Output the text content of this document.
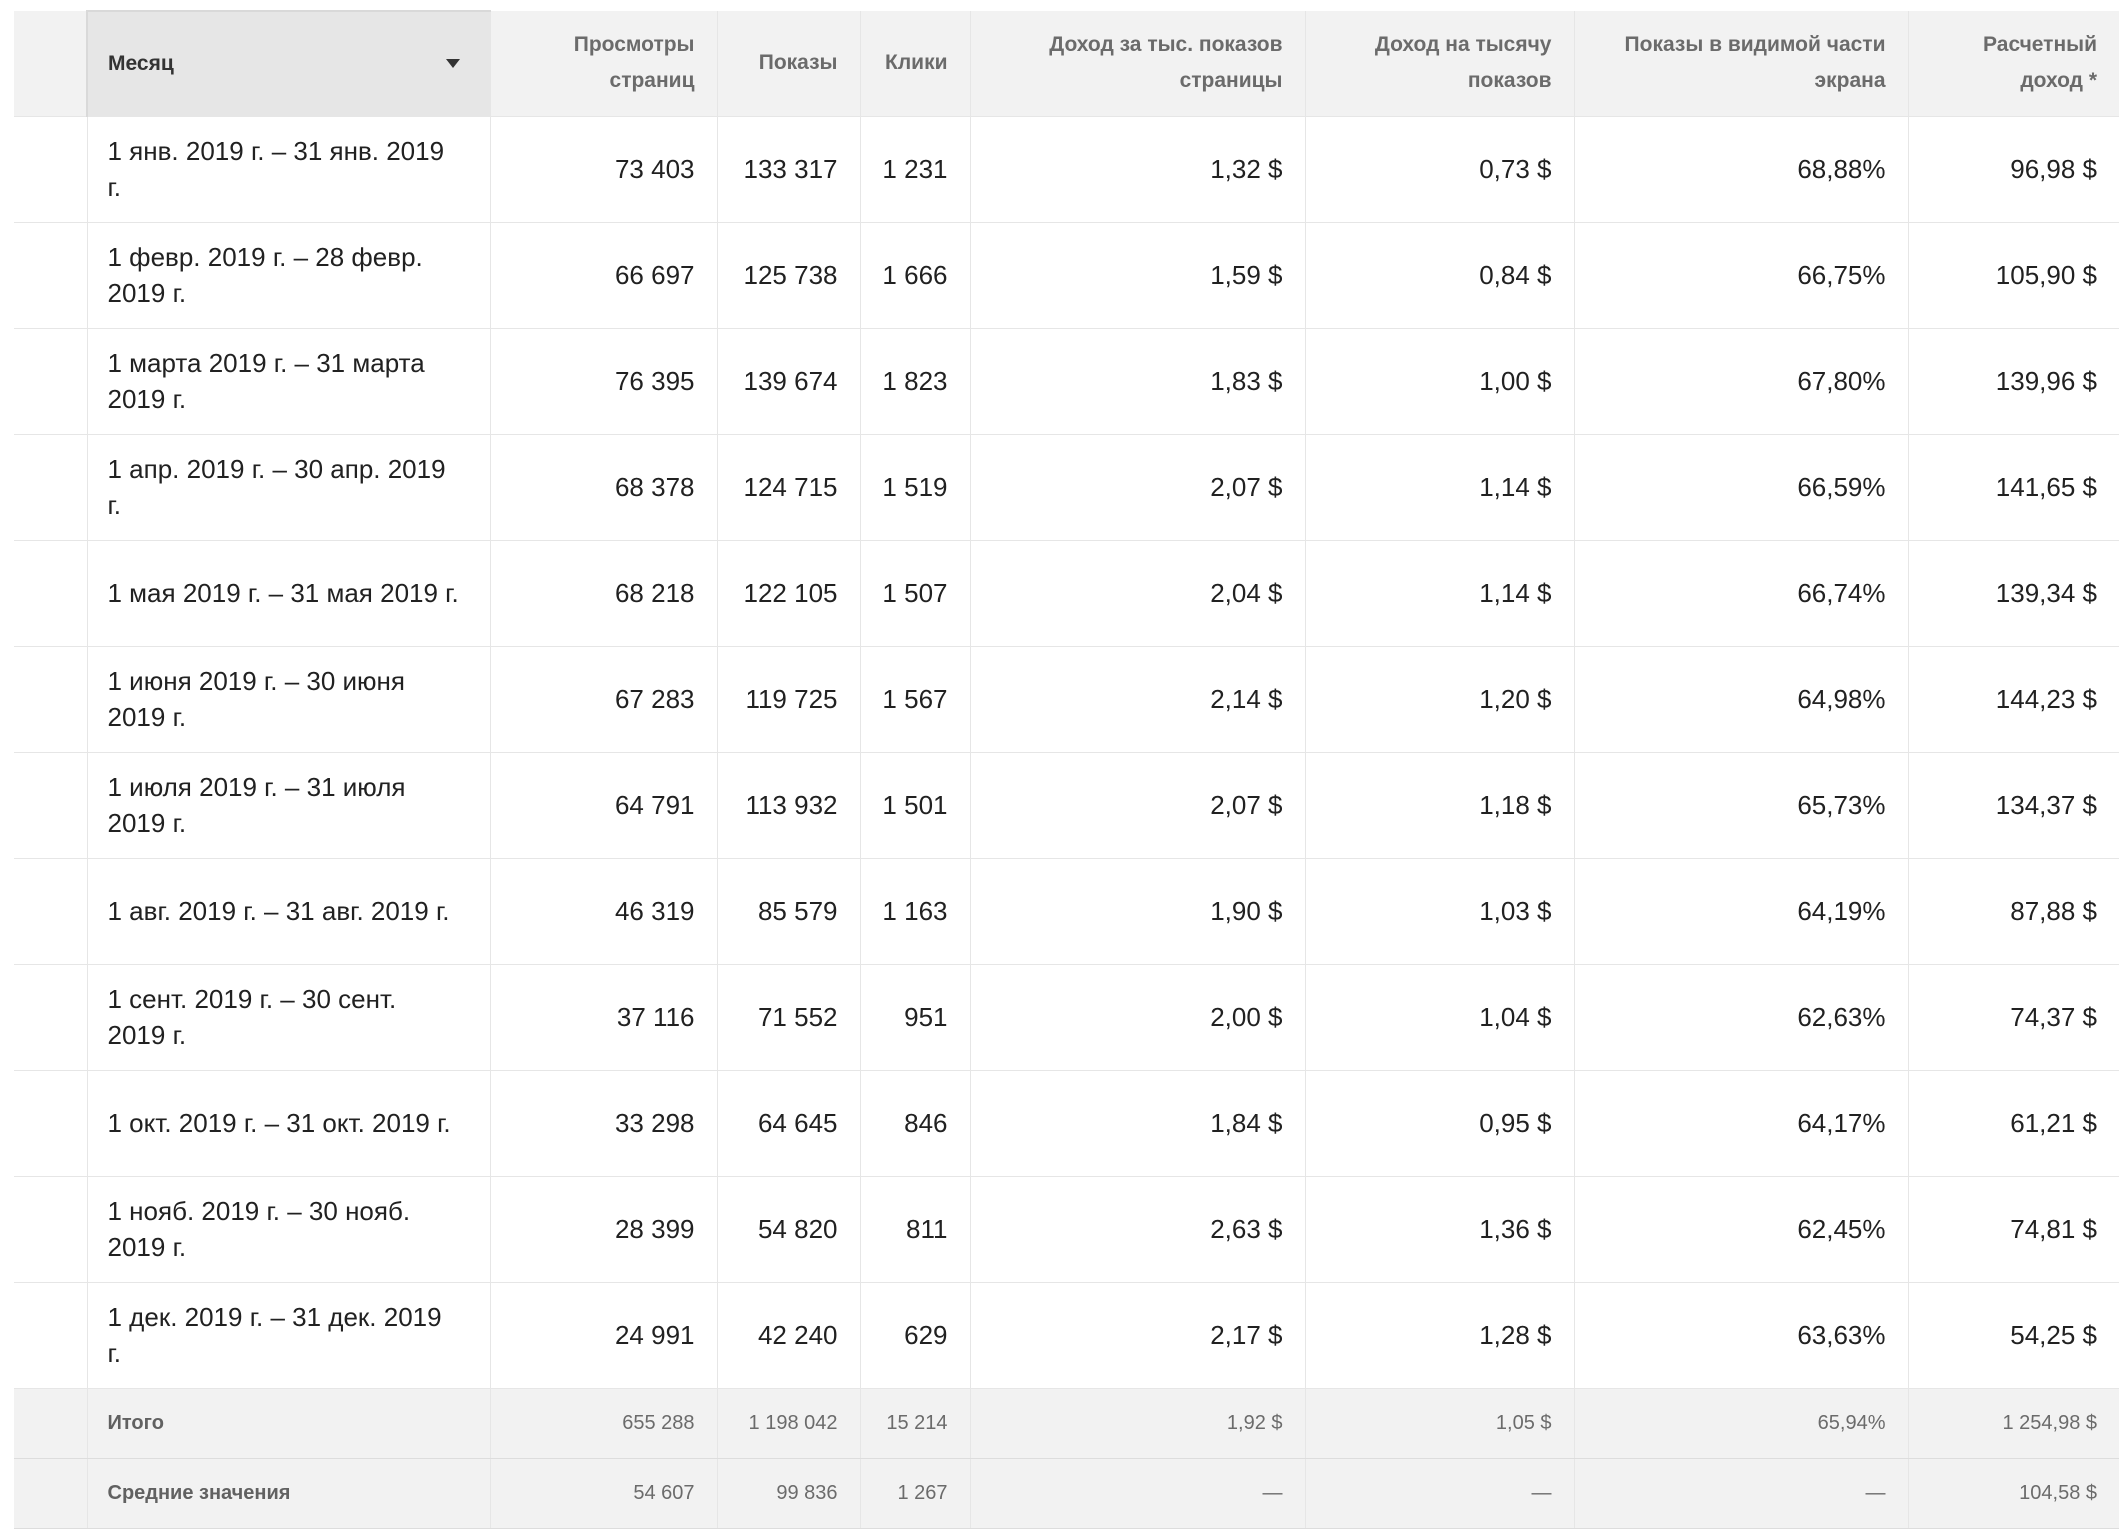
	Месяц	Просмотры страниц	Показы	Клики	Доход за тыс. показов страницы	Доход на тысячу показов	Показы в видимой части экрана	Расчетный доход *
	1 янв. 2019 г. – 31 янв. 2019 г.	73 403	133 317	1 231	1,32 $	0,73 $	68,88%	96,98 $
	1 февр. 2019 г. – 28 февр. 2019 г.	66 697	125 738	1 666	1,59 $	0,84 $	66,75%	105,90 $
	1 марта 2019 г. – 31 марта 2019 г.	76 395	139 674	1 823	1,83 $	1,00 $	67,80%	139,96 $
	1 апр. 2019 г. – 30 апр. 2019 г.	68 378	124 715	1 519	2,07 $	1,14 $	66,59%	141,65 $
	1 мая 2019 г. – 31 мая 2019 г.	68 218	122 105	1 507	2,04 $	1,14 $	66,74%	139,34 $
	1 июня 2019 г. – 30 июня 2019 г.	67 283	119 725	1 567	2,14 $	1,20 $	64,98%	144,23 $
	1 июля 2019 г. – 31 июля 2019 г.	64 791	113 932	1 501	2,07 $	1,18 $	65,73%	134,37 $
	1 авг. 2019 г. – 31 авг. 2019 г.	46 319	85 579	1 163	1,90 $	1,03 $	64,19%	87,88 $
	1 сент. 2019 г. – 30 сент. 2019 г.	37 116	71 552	951	2,00 $	1,04 $	62,63%	74,37 $
	1 окт. 2019 г. – 31 окт. 2019 г.	33 298	64 645	846	1,84 $	0,95 $	64,17%	61,21 $
	1 нояб. 2019 г. – 30 нояб. 2019 г.	28 399	54 820	811	2,63 $	1,36 $	62,45%	74,81 $
	1 дек. 2019 г. – 31 дек. 2019 г.	24 991	42 240	629	2,17 $	1,28 $	63,63%	54,25 $
	Итого	655 288	1 198 042	15 214	1,92 $	1,05 $	65,94%	1 254,98 $
	Средние значения	54 607	99 836	1 267	—	—	—	104,58 $
